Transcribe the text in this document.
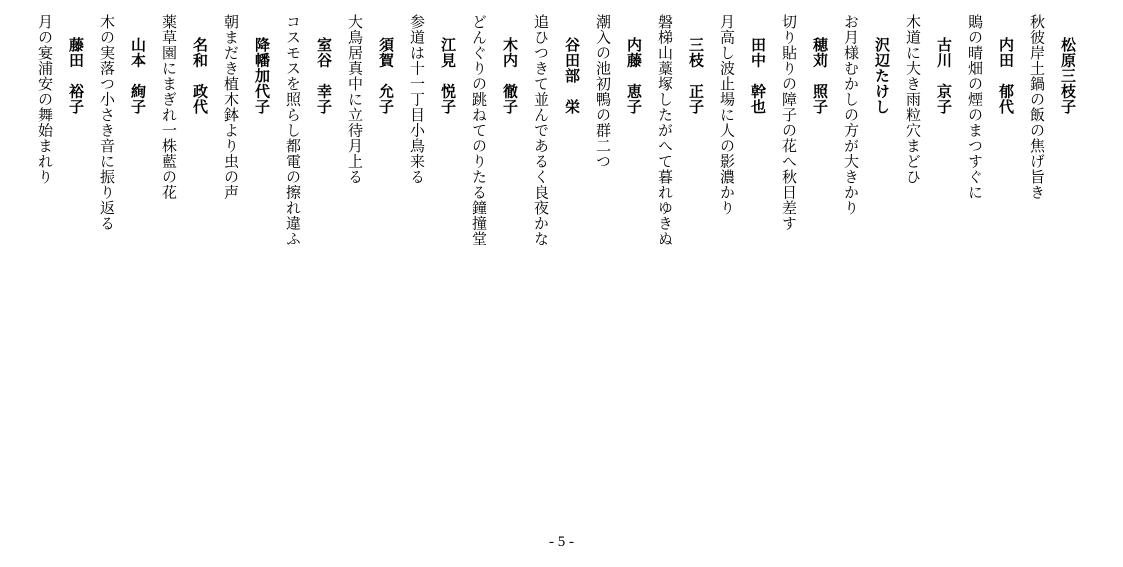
松原三枝子
秋彼岸土鍋の飯の焦げ旨き
内田　郁代
鵙の晴畑の煙のまつすぐに
古川　京子
木道に大き雨粒穴まどひ
沢辺たけし
お月様むかしの方が大きかり
穂苅　照子
切り貼りの障子の花へ秋日差す
田中　幹也
月高し波止場に人の影濃かり
三枝　正子
磐梯山藁塚したがへて暮れゆきぬ
内藤　恵子
潮入の池初鴨の群二つ
谷田部　栄
追ひつきて並んであるく良夜かな
木内　徹子
どんぐりの跳ねてのりたる鐘撞堂
江見　悦子
参道は十一丁目小鳥来る
須賀　允子
大鳥居真中に立待月上る
室谷　幸子
コスモスを照らし都電の擦れ違ふ
降幡加代子
朝まだき植木鉢より虫の声
名和　政代
薬草園にまぎれ一株藍の花
山本　絢子
木の実落つ小さき音に振り返る
藤田　裕子
月の宴浦安の舞始まれり
- 5 -
